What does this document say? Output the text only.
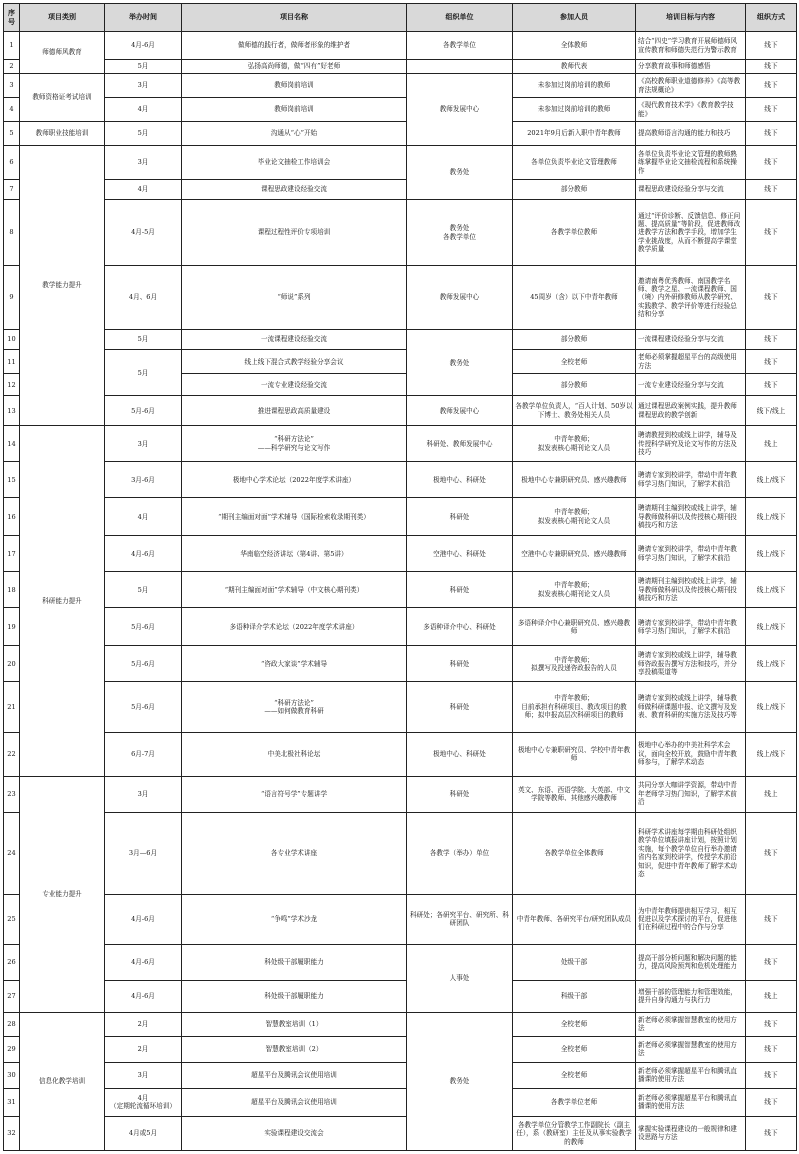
序号	项目类别	举办时间	项目名称	组织单位	参加人员	培训目标与内容	组织方式
1	师德师风教育	4月-6月	做师德的践行者，做师者形象的维护者	各教学单位	全体教师	结合“四史”学习教育开展师德师风宣传教育和师德失范行为警示教育	线下
2		5月	弘扬高尚师德，做“四有”好老师		教师代表	分享教育故事和师德感悟	线下
3	教师资格证考试培训	3月	教师岗前培训	教师发展中心	未参加过岗前培训的教师	《高校教师职业道德修养》《高等教育法规概论》	线下
4		4月	教师岗前培训		未参加过岗前培训的教师	《现代教育技术学》《教育教学技能》	线下
5	教师职业技能培训	5月	沟通从“心”开始		2021年9月后新入职中青年教师	提高教师语言沟通的能力和技巧	线下
6	教学能力提升	3月	毕业论文抽检工作培训会	教务处	各单位负责毕业论文管理教师	各单位负责毕业论文管理的教师熟练掌握毕业论文抽检流程和系统操作	线下
7		4月	课程思政建设经验交流		部分教师	课程思政建设经验分享与交流	线下
8		4月-5月	课程过程性评价专项培训	教务处
各教学单位	各教学单位教师	通过“评价诊断、反馈信息、修正问题、提高质量”等阶段，促进教师改进教学方法和教学手段，增加学生学业挑战度，从而不断提高学课堂教学质量	线下
9		4月、6月	“师说”系列	教师发展中心	45周岁（含）以下中青年教师	邀请南粤优秀教师、南国教学名师、教学之星、一流课程教师、国（境）内外研修教师从教学研究、实践教学、教学评价等进行经验总结和分享	线下
10		5月	一流课程建设经验交流	教务处	部分教师	一流课程建设经验分享与交流	线下
11		5月	线上线下混合式教学经验分享会议		全校老师	老师必须掌握超星平台的高级使用方法	线下
12			一流专业建设经验交流		部分教师	一流专业建设经验分享与交流	线下
13		5月-6月	推进课程思政高质量建设	教师发展中心	各教学单位负责人，“百人计划、50岁以下博士、教务处相关人员	通过课程思政案例实践，提升教师课程思政的教学创新	线下/线上
14	科研能力提升	3月	“科研方法论”
——科学研究与论文写作	科研处、教师发展中心	中青年教师；
拟发表核心期刊论文人员	聘请教授到校或线上讲学，辅导及传授科学研究及论文写作的方法及技巧	线上
15		3月-6月	极地中心学术论坛（2022年度学术讲座）	极地中心、科研处	极地中心专兼职研究员、感兴趣教师	聘请专家到校讲学，带动中青年教师学习热门知识，了解学术前沿	线上/线下
16		4月	“期刊主编面对面”学术辅导（国际检索收录期刊类）	科研处	中青年教师；
拟发表核心期刊论文人员	聘请期刊主编到校或线上讲学，辅导教师做科研以及传授核心期刊投稿技巧和方法	线上/线下
17		4月-6月	华南临空经济讲坛（第4讲、第5讲）	空港中心、科研处	空港中心专兼职研究员、感兴趣教师	聘请专家到校讲学，带动中青年教师学习热门知识，了解学术前沿	线上/线下
18		5月	“期刊主编面对面”学术辅导（中文核心期刊类）	科研处	中青年教师；
拟发表核心期刊论文人员	聘请期刊主编到校或线上讲学，辅导教师做科研以及传授核心期刊投稿技巧和方法	线上/线下
19		5月-6月	多语种译介学术论坛（2022年度学术讲座）	多语种译介中心、科研处	多语种译介中心兼职研究员、感兴趣教师	聘请专家到校讲学，带动中青年教师学习热门知识，了解学术前沿	线上/线下
20		5月-6月	“咨政大家谈”学术辅导	科研处	中青年教师；
拟撰写及投递咨政报告的人员	聘请专家到校或线上讲学，辅导教师咨政报告撰写方法和技巧，并分享投稿渠道等	线上/线下
21		5月-6月	“科研方法论”
——如何做教育科研	科研处	中青年教师；
目前承担有科研项目、教改项目的教师；拟申报高层次科研项目的教师	聘请专家到校或线上讲学，辅导教师做科研课题申报、论文撰写及发表、教育科研的实施方法及技巧等	线上/线下
22		6月-7月	中美北极社科论坛	极地中心、科研处	极地中心专兼职研究员、学校中青年教师	极地中心举办的中美社科学术会议，面向全校开放，鼓励中青年教师参与，了解学术动态	线上/线下
23	专业能力提升	3月	“语言符号学”专题讲学	科研处	英文、东语、西语学院、大英部、中文学院等教师、其他感兴趣教师	共同分享大咖讲学资源，带动中青年老师学习热门知识，了解学术前沿	线上
24		3月—6月	各专业学术讲座	各教学（举办）单位	各教学单位全体教师	科研学术讲座每学期由科研处组织教学单位填报讲座计划，按照计划实施，每个教学单位自行举办邀请省内名家到校讲学，传授学术前沿知识，促进中青年教师了解学术动态	线下
25		4月-6月	“争鸣”学术沙龙	科研处；各研究平台、研究所、科研团队	中青年教师、各研究平台/研究团队成员	为中青年教师提供相互学习、相互促进以及学术探讨的平台，促进他们在科研过程中的合作与分享	线下
26		4月-6月	科处级干部履职能力	人事处	处级干部	提高干部分析问题和解决问题的能力，提高风险预判和危机处理能力	线下
27		4月-6月	科处级干部履职能力		科级干部	增强干部的管理能力和管理效能，提升自身沟通力与执行力	线上
28	信息化教学培训	2月	智慧教室培训（1）	教务处	全校老师	新老师必须掌握智慧教室的使用方法	线下
29		2月	智慧教室培训（2）		全校老师	新老师必须掌握智慧教室的使用方法	线下
30		3月	超星平台及腾讯会议使用培训		全校老师	新老师必须掌握超星平台和腾讯直播课的使用方法	线下
31		4月
（定期轮流循环培训）	超星平台及腾讯会议使用培训		各教学单位老师	新老师必须掌握超星平台和腾讯直播课的使用方法	线下
32		4月或5月	实验课程建设交流会		各教学单位分管教学工作副院长（副主任），系（教研室）主任及从事实验教学的教师	掌握实验课程建设的一般规律和建设思路与方法	线下
